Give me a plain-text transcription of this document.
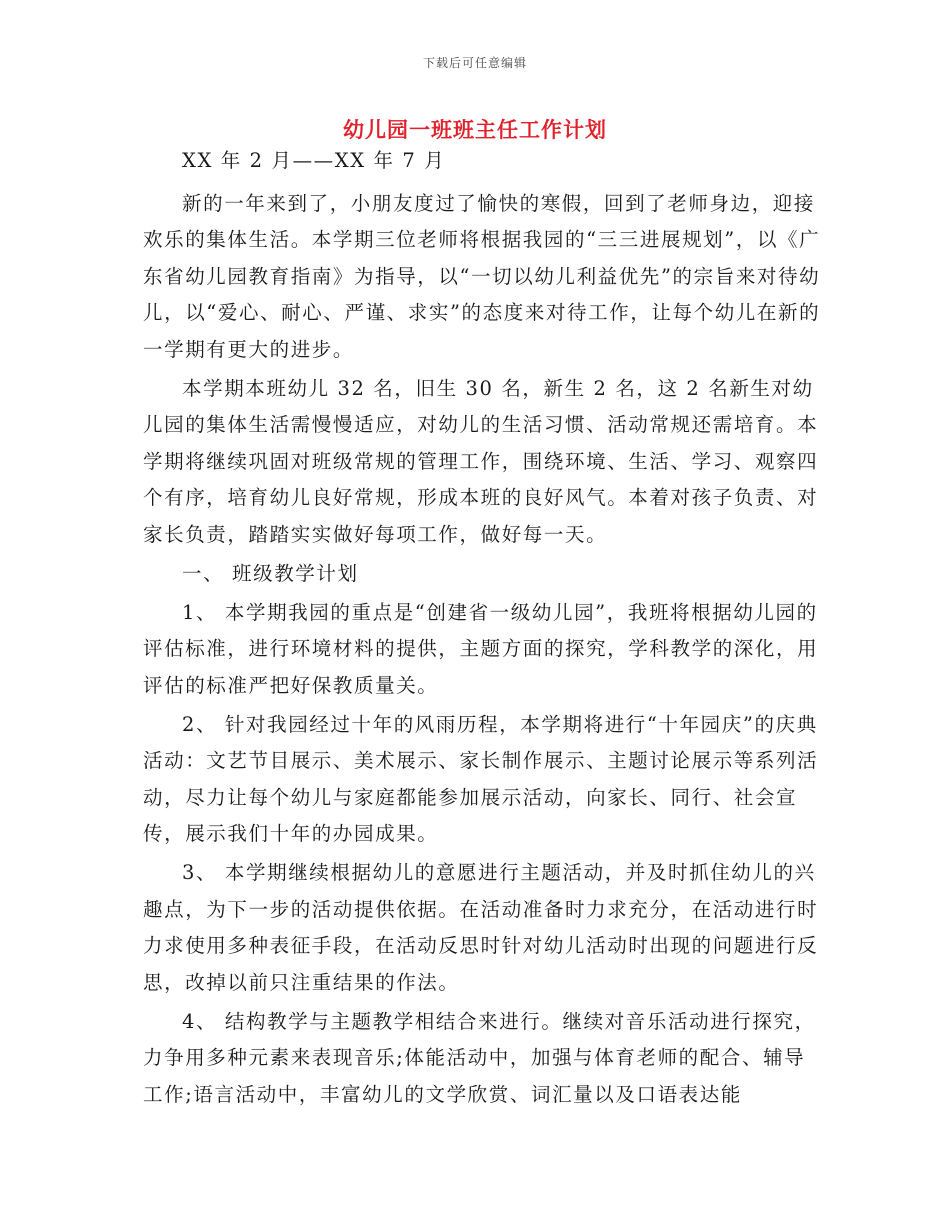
下载后可任意编辑
幼儿园一班班主任工作计划

XX 年 2 月——XX 年 7 月

新的一年来到了，小朋友度过了愉快的寒假，回到了老师身边，迎接欢乐的集体生活。本学期三位老师将根据我园的“三三进展规划”，以《广东省幼儿园教育指南》为指导，以“一切以幼儿利益优先”的宗旨来对待幼儿，以“爱心、耐心、严谨、求实”的态度来对待工作，让每个幼儿在新的一学期有更大的进步。

本学期本班幼儿 32 名，旧生 30 名，新生 2 名，这 2 名新生对幼儿园的集体生活需慢慢适应，对幼儿的生活习惯、活动常规还需培育。本学期将继续巩固对班级常规的管理工作，围绕环境、生活、学习、观察四个有序，培育幼儿良好常规，形成本班的良好风气。本着对孩子负责、对家长负责，踏踏实实做好每项工作，做好每一天。

一、 班级教学计划

1、 本学期我园的重点是“创建省一级幼儿园”，我班将根据幼儿园的评估标准，进行环境材料的提供，主题方面的探究，学科教学的深化，用评估的标准严把好保教质量关。

2、 针对我园经过十年的风雨历程，本学期将进行“十年园庆”的庆典活动：文艺节目展示、美术展示、家长制作展示、主题讨论展示等系列活动，尽力让每个幼儿与家庭都能参加展示活动，向家长、同行、社会宣传，展示我们十年的办园成果。

3、 本学期继续根据幼儿的意愿进行主题活动，并及时抓住幼儿的兴趣点，为下一步的活动提供依据。在活动准备时力求充分，在活动进行时力求使用多种表征手段，在活动反思时针对幼儿活动时出现的问题进行反思，改掉以前只注重结果的作法。

4、 结构教学与主题教学相结合来进行。继续对音乐活动进行探究，力争用多种元素来表现音乐;体能活动中，加强与体育老师的配合、辅导工作;语言活动中，丰富幼儿的文学欣赏、词汇量以及口语表达能
